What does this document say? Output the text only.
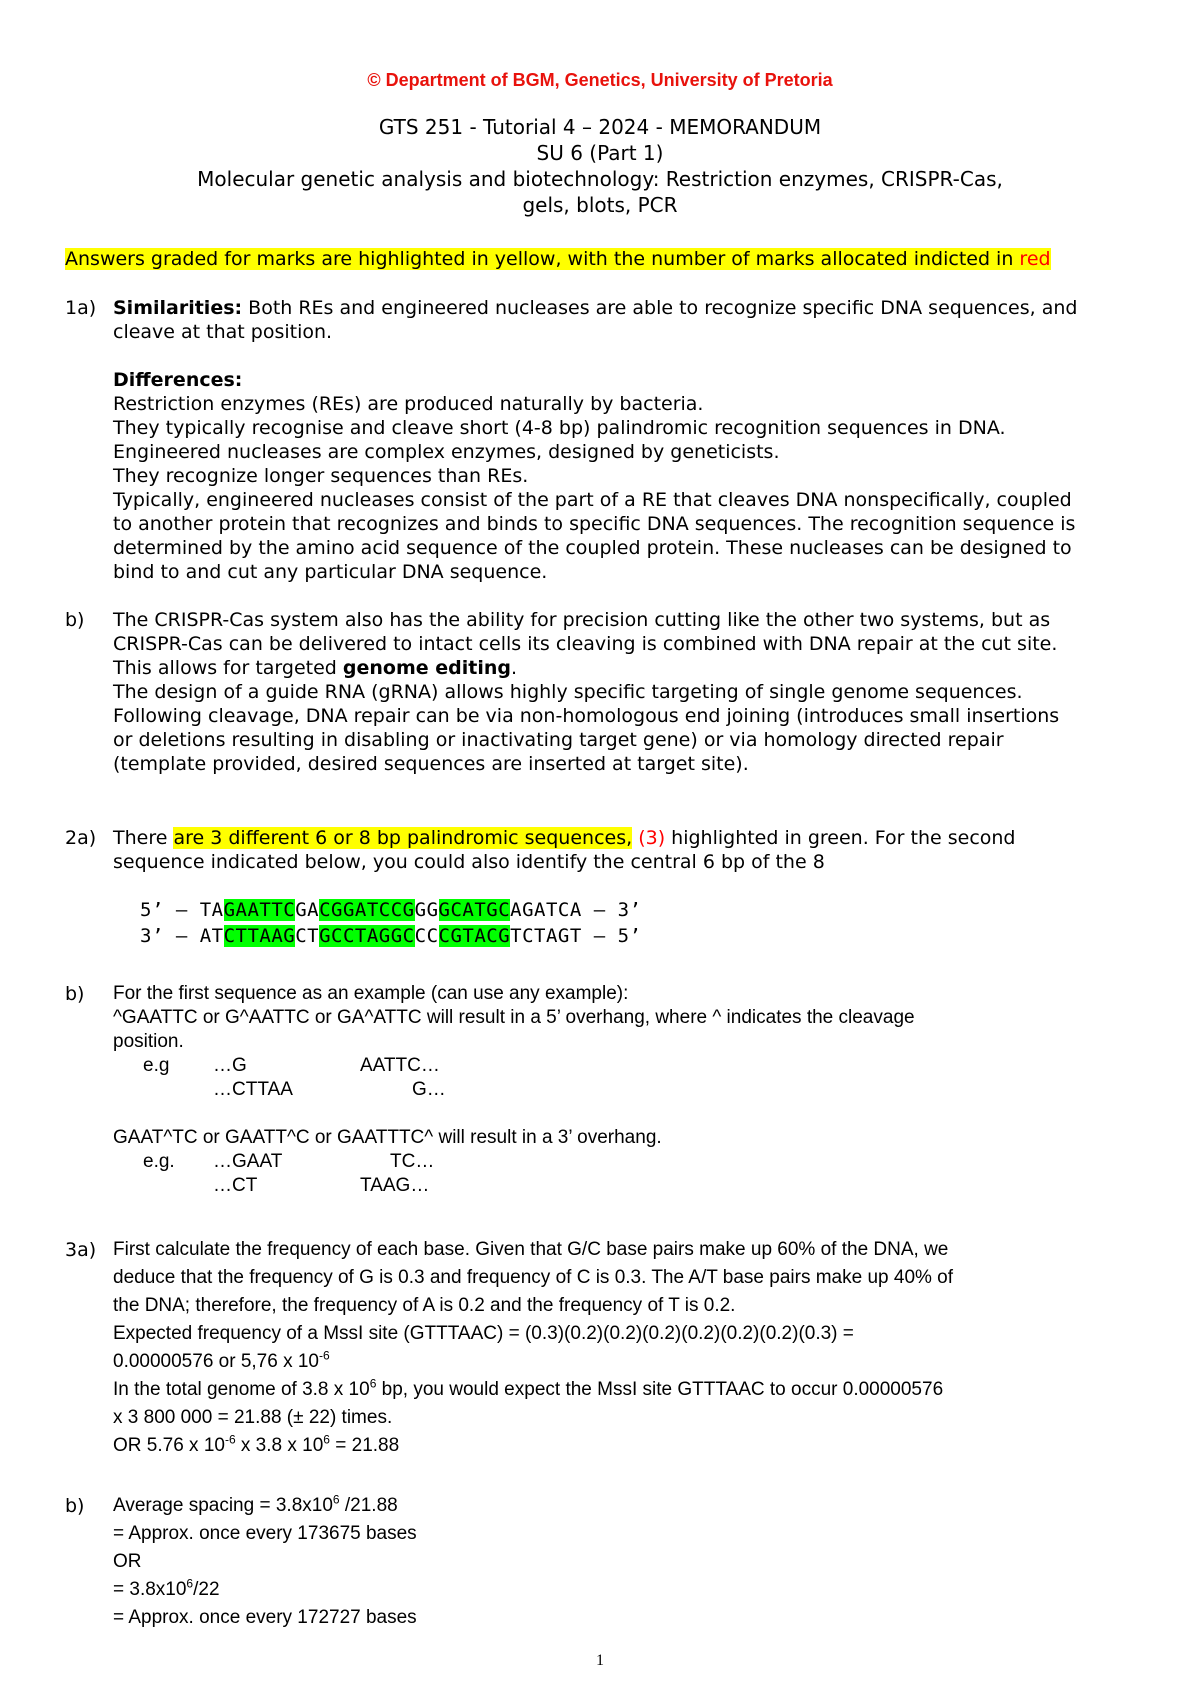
© Department of BGM, Genetics, University of Pretoria
GTS 251 - Tutorial 4 – 2024 - MEMORANDUM
SU 6 (Part 1)
Molecular genetic analysis and biotechnology: Restriction enzymes, CRISPR-Cas,
gels, blots, PCR
Answers graded for marks are highlighted in yellow, with the number of marks allocated indicted in red
1a) Similarities: Both REs and engineered nucleases are able to recognize specific DNA sequences, and
cleave at that position.
Differences:
Restriction enzymes (REs) are produced naturally by bacteria.
They typically recognise and cleave short (4-8 bp) palindromic recognition sequences in DNA.
Engineered nucleases are complex enzymes, designed by geneticists.
They recognize longer sequences than REs.
Typically, engineered nucleases consist of the part of a RE that cleaves DNA nonspecifically, coupled
to another protein that recognizes and binds to specific DNA sequences. The recognition sequence is
determined by the amino acid sequence of the coupled protein. These nucleases can be designed to
bind to and cut any particular DNA sequence.
b) The CRISPR-Cas system also has the ability for precision cutting like the other two systems, but as
CRISPR-Cas can be delivered to intact cells its cleaving is combined with DNA repair at the cut site.
This allows for targeted genome editing.
The design of a guide RNA (gRNA) allows highly specific targeting of single genome sequences.
Following cleavage, DNA repair can be via non-homologous end joining (introduces small insertions
or deletions resulting in disabling or inactivating target gene) or via homology directed repair
(template provided, desired sequences are inserted at target site).
2a) There are 3 different 6 or 8 bp palindromic sequences, (3) highlighted in green. For the second
sequence indicated below, you could also identify the central 6 bp of the 8
5’ – TAGAATTCGACGGATCCGGGGCATGCAGATCA – 3’
3’ – ATCTTAAGCTGCCTAGGCCCCGTACGTCTAGT – 5’
b) For the first sequence as an example (can use any example):
^GAATTC or G^AATTC or GA^ATTC will result in a 5’ overhang, where ^ indicates the cleavage
position.
e.g …G	AATTC…
…CTTAA	G…
GAAT^TC or GAATT^C or GAATTTC^ will result in a 3’ overhang.
e.g. …GAAT	TC…
…CT	TAAG…
3a) First calculate the frequency of each base. Given that G/C base pairs make up 60% of the DNA, we
deduce that the frequency of G is 0.3 and frequency of C is 0.3. The A/T base pairs make up 40% of
the DNA; therefore, the frequency of A is 0.2 and the frequency of T is 0.2.
Expected frequency of a MssI site (GTTTAAC) = (0.3)(0.2)(0.2)(0.2)(0.2)(0.2)(0.2)(0.3) =
0.00000576 or 5,76 x $10^{-6}$
In the total genome of 3.8 x $10^6$ bp, you would expect the MssI site GTTTAAC to occur 0.00000576
x 3 800 000 = 21.88 (± 22) times.
OR 5.76 x $10^{-6}$ x 3.8 x $10^6 = 21.88$
b) Average spacing = $3.8x10^6$ /21.88
= Approx. once every 173675 bases
OR
= $3.8x10^6/22$
= Approx. once every 172727 bases
1
